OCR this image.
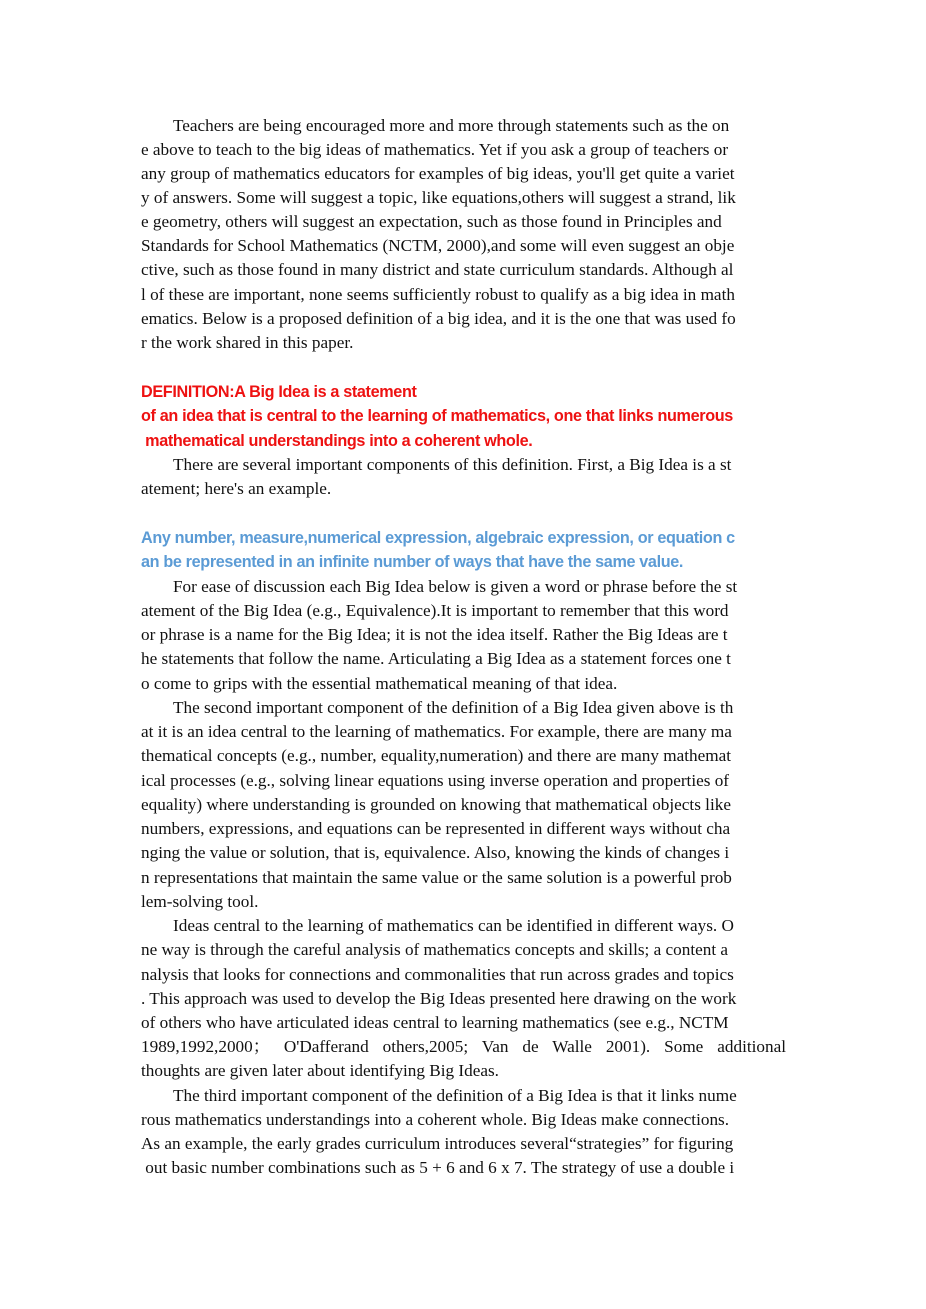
Teachers are being encouraged more and more through statements such as the on
e above to teach to the big ideas of mathematics. Yet if you ask a group of teachers or
any group of mathematics educators for examples of big ideas, you'll get quite a variet
y of answers. Some will suggest a topic, like equations,others will suggest a strand, lik
e geometry, others will suggest an expectation, such as those found in Principles and
Standards for School Mathematics (NCTM, 2000),and some will even suggest an obje
ctive, such as those found in many district and state curriculum standards. Although al
l of these are important, none seems sufficiently robust to qualify as a big idea in math
ematics. Below is a proposed definition of a big idea, and it is the one that was used fo
r the work shared in this paper.
DEFINITION:A Big Idea is a statement
of an idea that is central to the learning of mathematics, one that links numerous
mathematical understandings into a coherent whole.
There are several important components of this definition. First, a Big Idea is a st
atement; here's an example.
Any number, measure,numerical expression, algebraic expression, or equation c
an be represented in an infinite number of ways that have the same value.
For ease of discussion each Big Idea below is given a word or phrase before the st
atement of the Big Idea (e.g., Equivalence).It is important to remember that this word
or phrase is a name for the Big Idea; it is not the idea itself. Rather the Big Ideas are t
he statements that follow the name. Articulating a Big Idea as a statement forces one t
o come to grips with the essential mathematical meaning of that idea.
The second important component of the definition of a Big Idea given above is th
at it is an idea central to the learning of mathematics. For example, there are many ma
thematical concepts (e.g., number, equality,numeration) and there are many mathemat
ical processes (e.g., solving linear equations using inverse operation and properties of
equality) where understanding is grounded on knowing that mathematical objects like
numbers, expressions, and equations can be represented in different ways without cha
nging the value or solution, that is, equivalence. Also, knowing the kinds of changes i
n representations that maintain the same value or the same solution is a powerful prob
lem-solving tool.
Ideas central to the learning of mathematics can be identified in different ways. O
ne way is through the careful analysis of mathematics concepts and skills; a content a
nalysis that looks for connections and commonalities that run across grades and topics
. This approach was used to develop the Big Ideas presented here drawing on the work
of others who have articulated ideas central to learning mathematics (see e.g., NCTM
1989,1992,2000； O'Dafferand others,2005; Van de Walle 2001). Some additional
thoughts are given later about identifying Big Ideas.
The third important component of the definition of a Big Idea is that it links nume
rous mathematics understandings into a coherent whole. Big Ideas make connections.
As an example, the early grades curriculum introduces several“strategies” for figuring
out basic number combinations such as 5 + 6 and 6 x 7. The strategy of use a double i
